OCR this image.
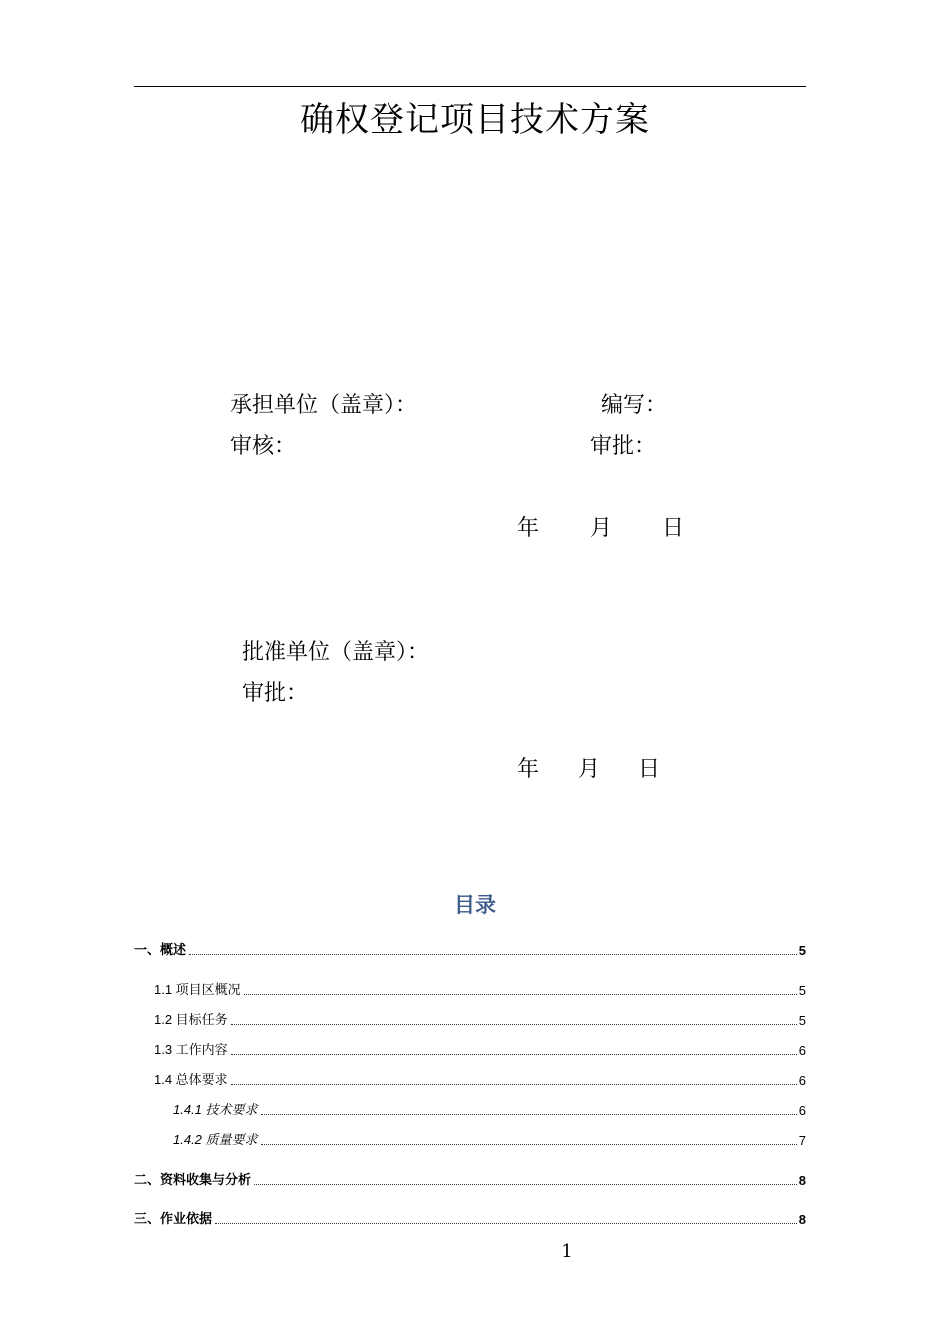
确权登记项目技术方案
承担单位（盖章）：	编写：
审核：	审批：
年 月 日
批准单位（盖章）：
审批：
年 月 日
目录
一、概述	5
1.1 项目区概况	5
1.2 目标任务	5
1.3 工作内容	6
1.4 总体要求	6
1.4.1 技术要求	6
1.4.2 质量要求	7
二、资料收集与分析	8
三、作业依据	8
1
